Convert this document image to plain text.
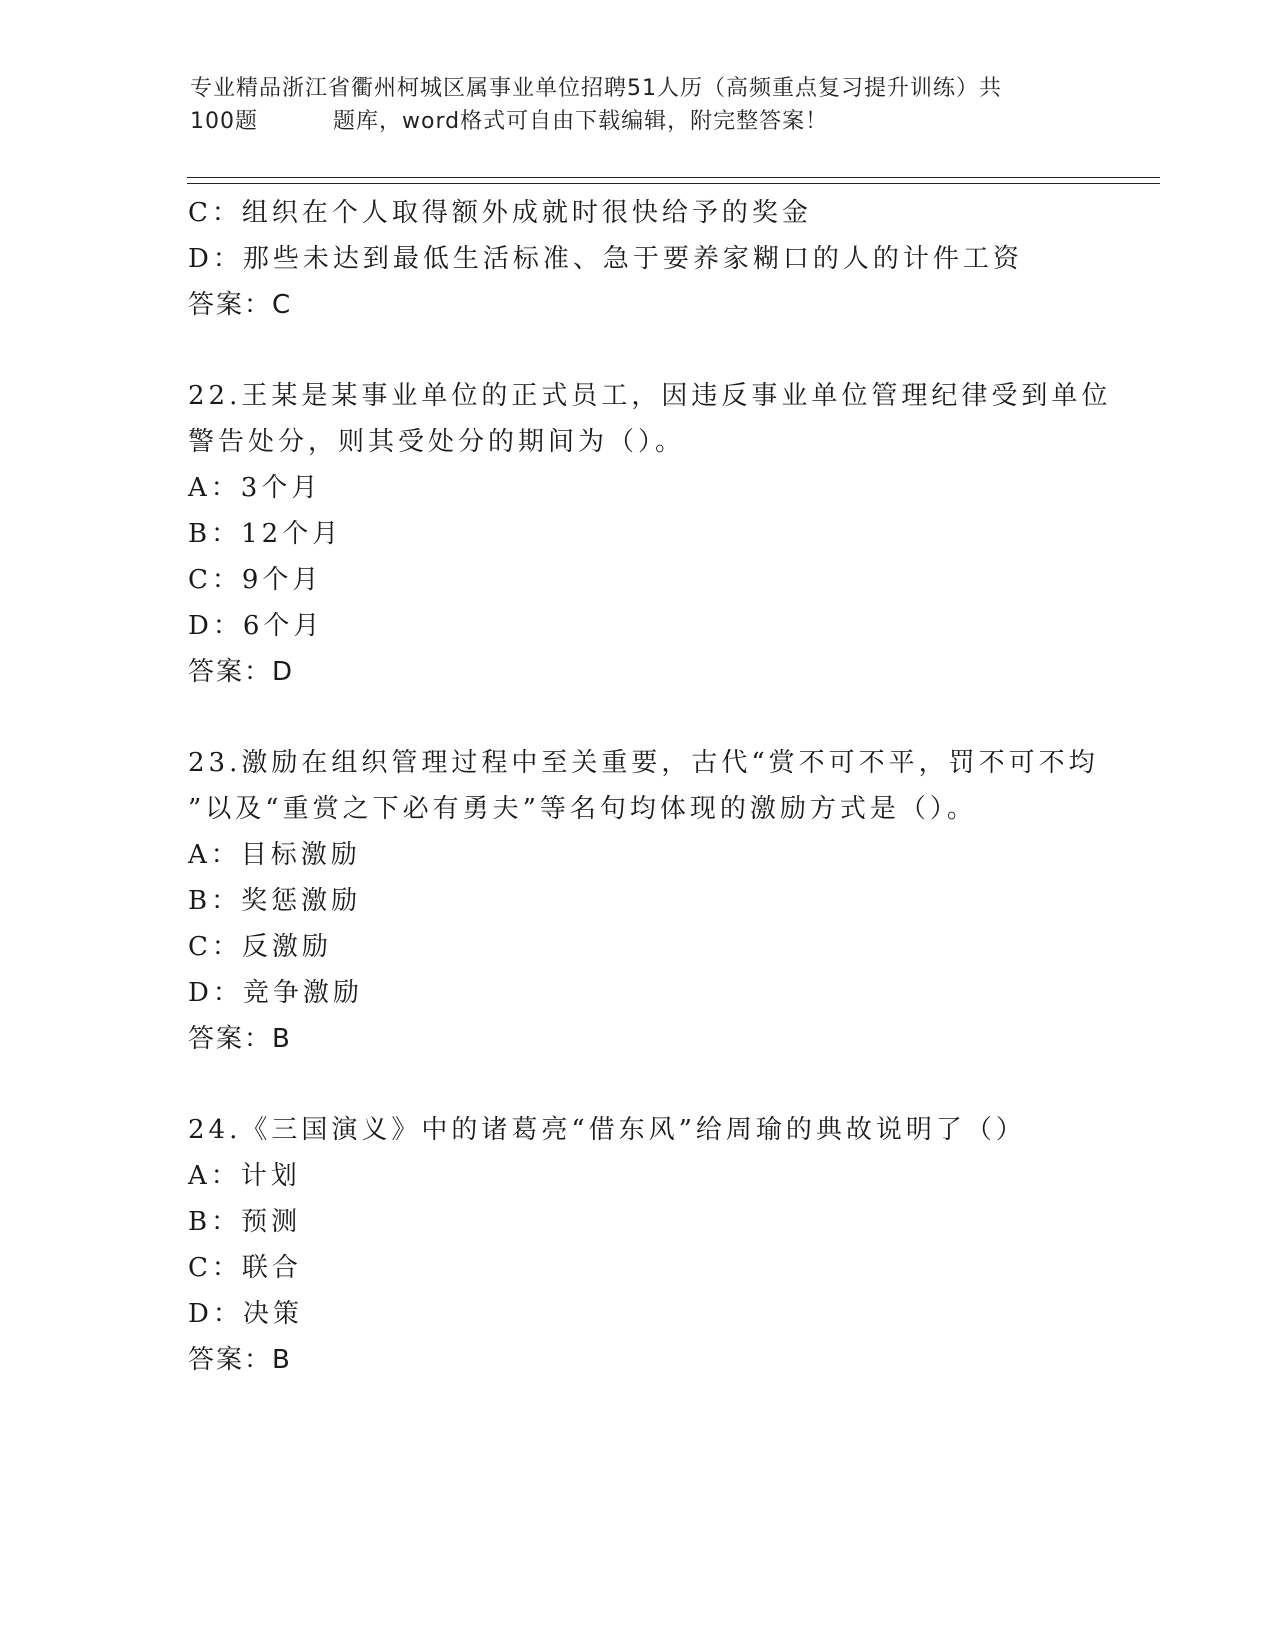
专业精品浙江省衢州柯城区属事业单位招聘51人历（高频重点复习提升训练）共
100题	题库，word格式可自由下载编辑，附完整答案！
C：组织在个人取得额外成就时很快给予的奖金
D：那些未达到最低生活标准、急于要养家糊口的人的计件工资
答案：C
22.王某是某事业单位的正式员工，因违反事业单位管理纪律受到单位
警告处分，则其受处分的期间为（）。
A：3个月
B：12个月
C：9个月
D：6个月
答案：D
23.激励在组织管理过程中至关重要，古代“赏不可不平，罚不可不均
”以及“重赏之下必有勇夫”等名句均体现的激励方式是（）。
A：目标激励
B：奖惩激励
C：反激励
D：竞争激励
答案：B
24.《三国演义》中的诸葛亮“借东风”给周瑜的典故说明了（）
A：计划
B：预测
C：联合
D：决策
答案：B
